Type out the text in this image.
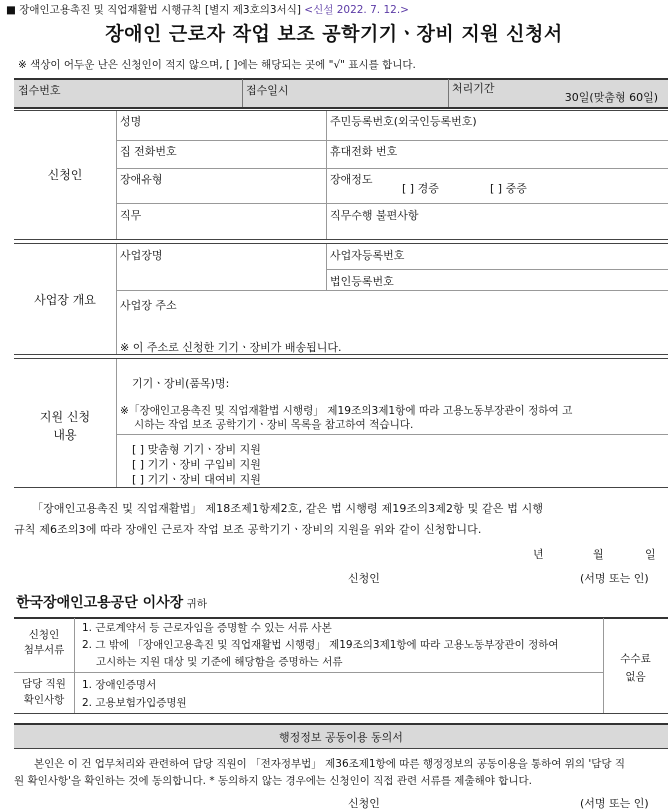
■ 장애인고용촉진 및 직업재활법 시행규칙 [별지 제3호의3서식] <신설 2022. 7. 12.>
장애인 근로자 작업 보조 공학기기ㆍ장비 지원 신청서
※ 색상이 어두운 난은 신청인이 적지 않으며, [ ]에는 해당되는 곳에 "√" 표시를 합니다.
접수번호	접수일시	처리기간
30일(맞춤형 60일)
신청인
성명	주민등록번호(외국인등록번호)
집 전화번호	휴대전화 번호
장애유형	장애정도
[ ] 경증	[ ] 중증
직무	직무수행 불편사항
사업장 개요
사업장명	사업자등록번호
법인등록번호
사업장 주소
※ 이 주소로 신청한 기기ㆍ장비가 배송됩니다.
지원 신청
내용
기기ㆍ장비(품목)명:
※「장애인고용촉진 및 직업재활법 시행령」 제19조의3제1항에 따라 고용노동부장관이 정하여 고
시하는 작업 보조 공학기기ㆍ장비 목록을 참고하여 적습니다.
[ ] 맞춤형 기기ㆍ장비 지원
[ ] 기기ㆍ장비 구입비 지원
[ ] 기기ㆍ장비 대여비 지원
「장애인고용촉진 및 직업재활법」 제18조제1항제2호, 같은 법 시행령 제19조의3제2항 및 같은 법 시행
규칙 제6조의3에 따라 장애인 근로자 작업 보조 공학기기ㆍ장비의 지원을 위와 같이 신청합니다.
년	월	일
신청인	(서명 또는 인)
한국장애인고용공단 이사장 귀하
신청인
첨부서류
1. 근로계약서 등 근로자임을 증명할 수 있는 서류 사본
2. 그 밖에 「장애인고용촉진 및 직업재활법 시행령」 제19조의3제1항에 따라 고용노동부장관이 정하여
고시하는 지원 대상 및 기준에 해당함을 증명하는 서류
담당 직원
확인사항
1. 장애인증명서
2. 고용보험가입증명원
수수료
없음
행정정보 공동이용 동의서
본인은 이 건 업무처리와 관련하여 담당 직원이 「전자정부법」 제36조제1항에 따른 행정정보의 공동이용을 통하여 위의 '담당 직
원 확인사항'을 확인하는 것에 동의합니다. * 동의하지 않는 경우에는 신청인이 직접 관련 서류를 제출해야 합니다.
신청인	(서명 또는 인)
